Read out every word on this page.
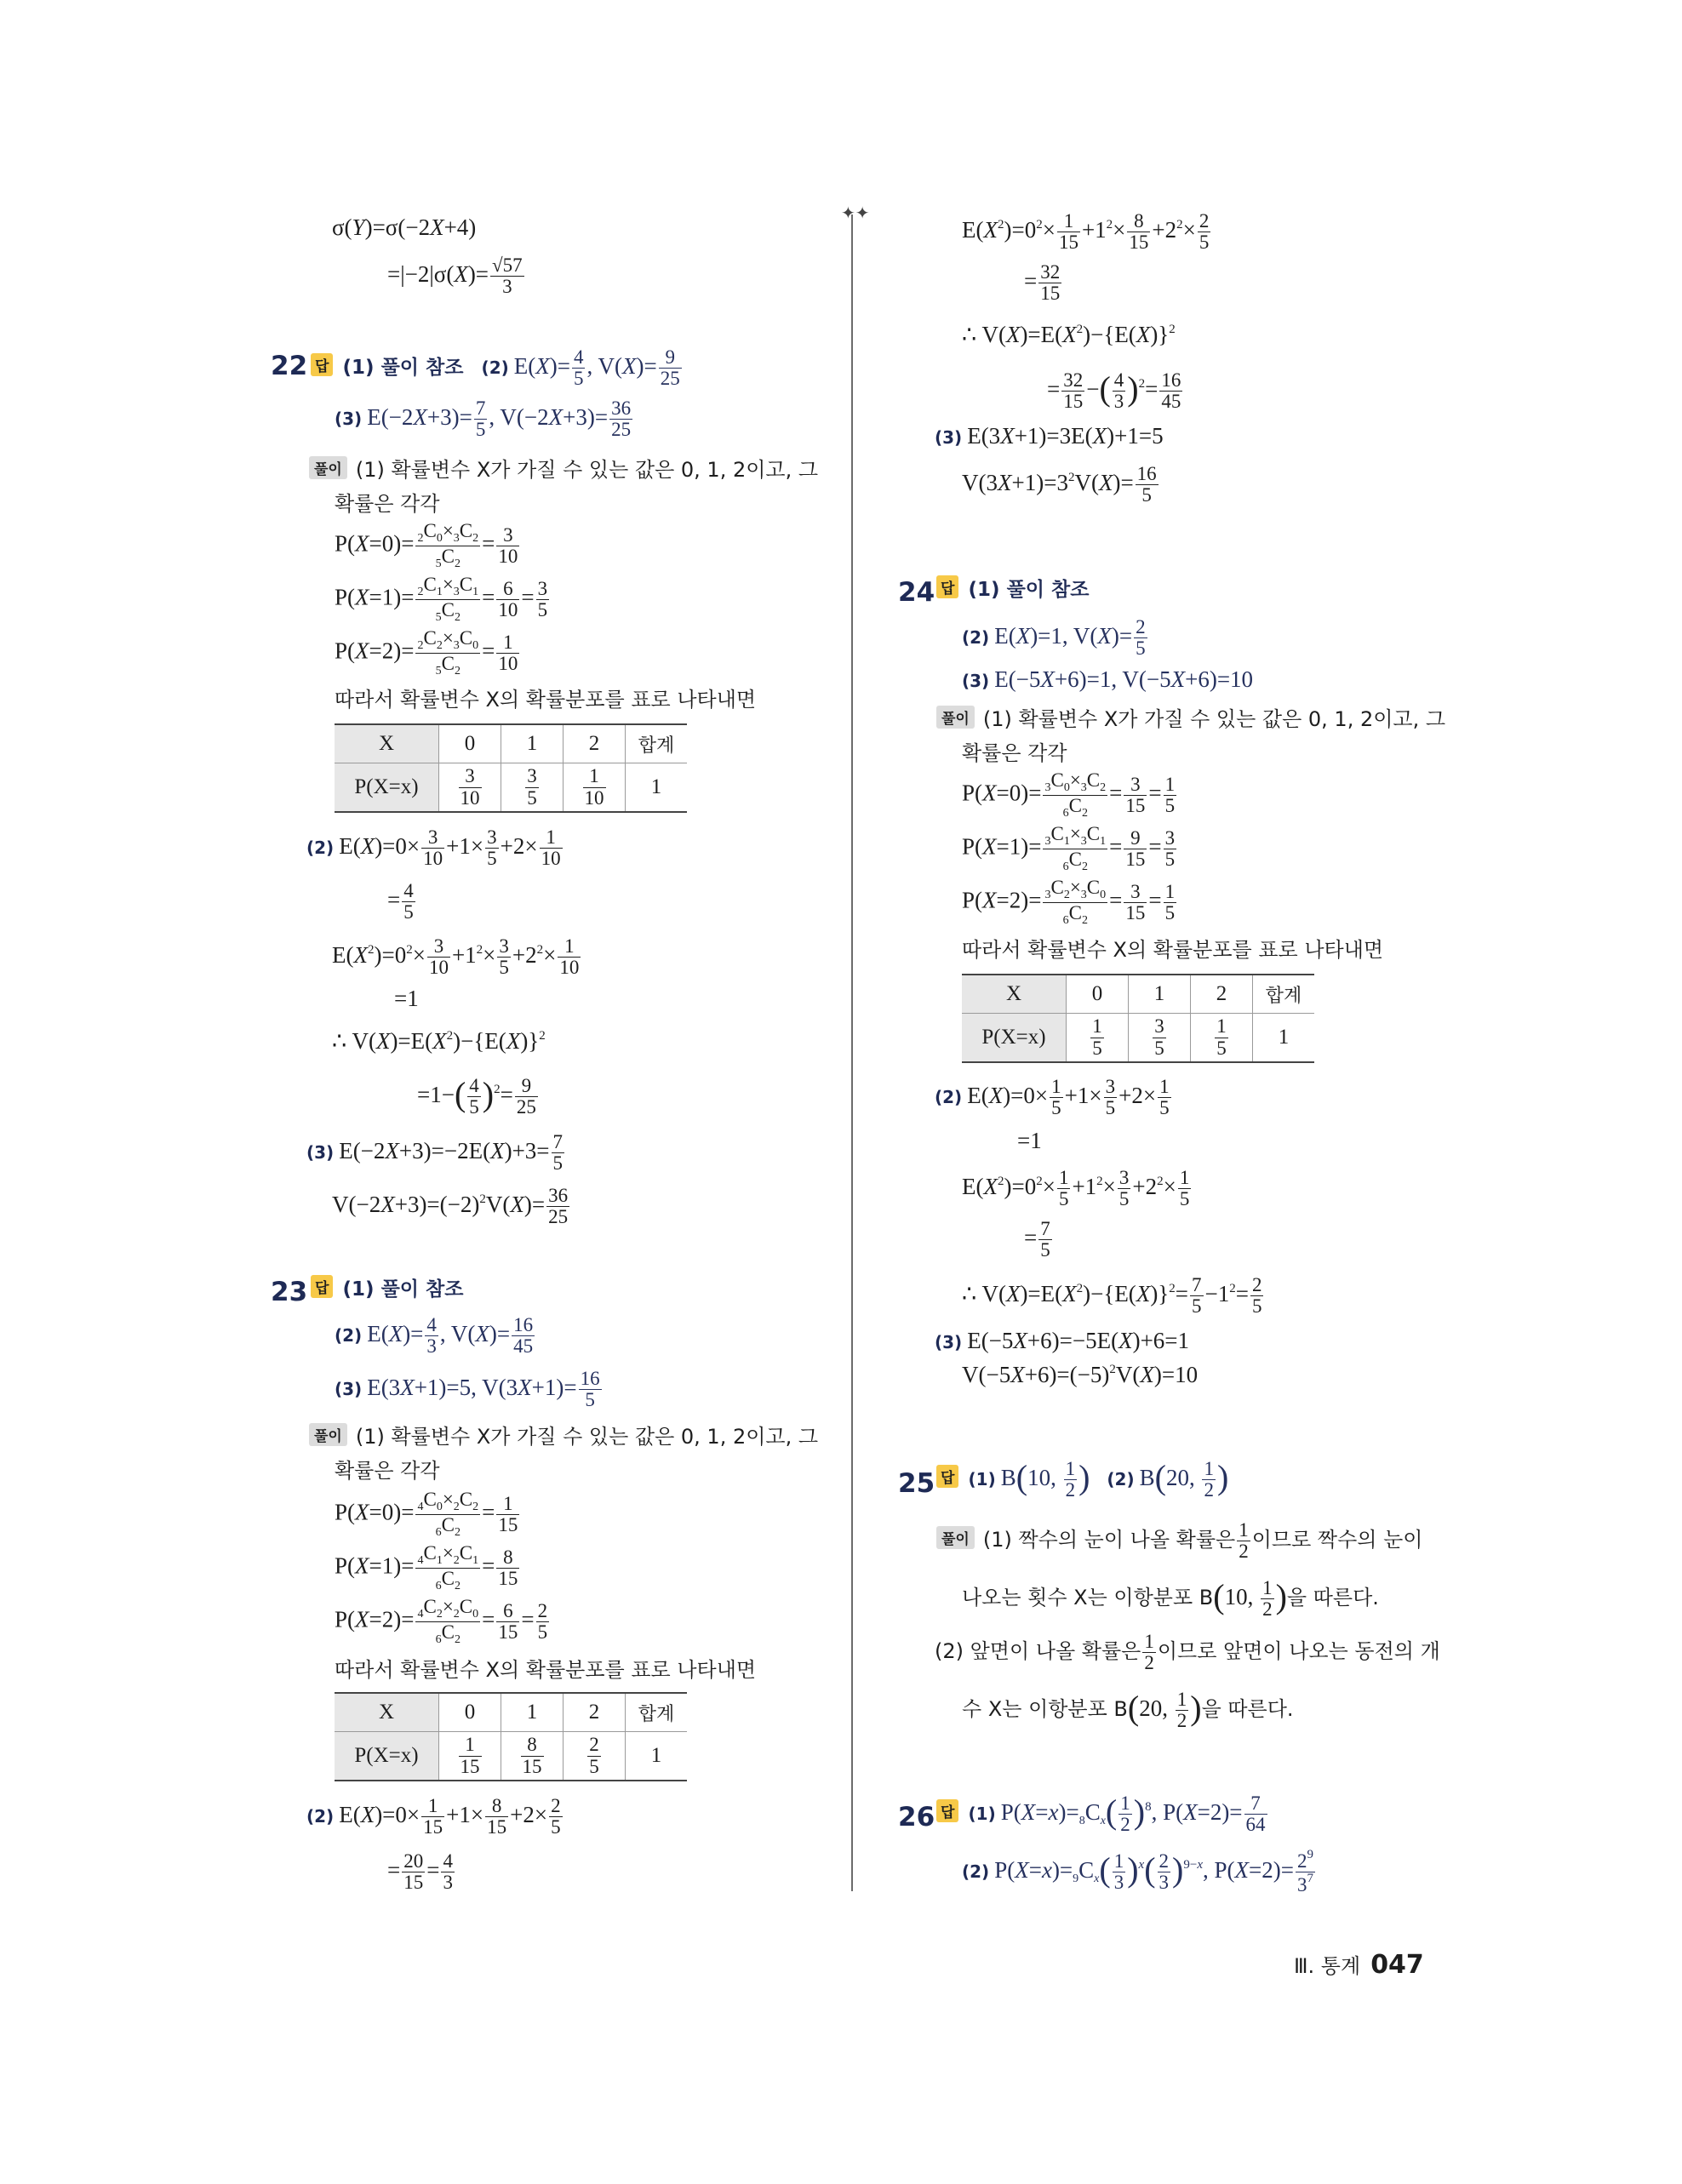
✦✦
σ(Y)=σ(−2X+4)
$=|-2|\sigma(X)= \frac{√57}{3}$
22 답 (1) 풀이 참조 (2) $E(X)= \frac{4}{5}$ , $V(X)= \frac{9}{25}$
(3) $E(-2X+3)= \frac{7}{5}$ , $V(-2X+3)= \frac{36}{25}$
풀이 (1) 확률변수 X가 가질 수 있는 값은 0, 1, 2이고, 그
확률은 각각
$P(X=0)= \frac{_2C_0\times_3C_2}{_5C_2} = \frac{3}{10}$
$P(X=1)= \frac{_2C_1\times_3C_1}{_5C_2} = \frac{6}{10} = \frac{3}{5}$
$P(X=2)= \frac{_2C_2\times_3C_0}{_5C_2} = \frac{1}{10}$
따라서 확률변수 X의 확률분포를 표로 나타내면
X	0	1	2	합계
P(X=x)	$\frac{3}{10}$	$\frac{3}{5}$	$\frac{1}{10}$	1
(2) $E(X)=0\times \frac{3}{10} +1\times \frac{3}{5} +2\times \frac{1}{10}$
= $\frac{4}{5}$
$E(X^2)=0^2\times \frac{3}{10} +1^2\times \frac{3}{5} +2^2\times \frac{1}{10}$
=1
∴ $V(X)=E(X^2)-\{E(X)\}^2$
$=1-( \frac{4}{5} )^2= \frac{9}{25}$
(3) $E(-2X+3)=-2E(X)+3= \frac{7}{5}$
$V(-2X+3)=(-2)^2V(X)= \frac{36}{25}$
23 답 (1) 풀이 참조
(2) $E(X)= \frac{4}{3}$ , $V(X)= \frac{16}{45}$
(3) E(3X+1)=5, $V(3X+1)= \frac{16}{5}$
풀이 (1) 확률변수 X가 가질 수 있는 값은 0, 1, 2이고, 그
확률은 각각
$P(X=0)= \frac{_4C_0\times_2C_2}{_6C_2} = \frac{1}{15}$
$P(X=1)= \frac{_4C_1\times_2C_1}{_6C_2} = \frac{8}{15}$
$P(X=2)= \frac{_4C_2\times_2C_0}{_6C_2} = \frac{6}{15} = \frac{2}{5}$
따라서 확률변수 X의 확률분포를 표로 나타내면
X	0	1	2	합계
P(X=x)	$\frac{1}{15}$	$\frac{8}{15}$	$\frac{2}{5}$	1
(2) $E(X)=0\times \frac{1}{15} +1\times \frac{8}{15} +2\times \frac{2}{5}$
= $\frac{20}{15} = \frac{4}{3}$
$E(X^2)=0^2\times \frac{1}{15} +1^2\times \frac{8}{15} +2^2\times \frac{2}{5}$
= $\frac{32}{15}$
∴ $V(X)=E(X^2)-\{E(X)\}^2$
= $\frac{32}{15}$ −( $\frac{4}{3} )^2= \frac{16}{45}$
(3) E(3X+1)=3E(X)+1=5
$V(3X+1)=3^2V(X)= \frac{16}{5}$
24 답 (1) 풀이 참조
(2) E(X)=1, $V(X)= \frac{2}{5}$
(3) E(−5X+6)=1, V(−5X+6)=10
풀이 (1) 확률변수 X가 가질 수 있는 값은 0, 1, 2이고, 그
확률은 각각
$P(X=0)= \frac{_3C_0\times_3C_2}{_6C_2} = \frac{3}{15} = \frac{1}{5}$
$P(X=1)= \frac{_3C_1\times_3C_1}{_6C_2} = \frac{9}{15} = \frac{3}{5}$
$P(X=2)= \frac{_3C_2\times_3C_0}{_6C_2} = \frac{3}{15} = \frac{1}{5}$
따라서 확률변수 X의 확률분포를 표로 나타내면
X	0	1	2	합계
P(X=x)	$\frac{1}{5}$	$\frac{3}{5}$	$\frac{1}{5}$	1
(2) $E(X)=0\times \frac{1}{5} +1\times \frac{3}{5} +2\times \frac{1}{5}$
=1
$E(X^2)=0^2\times \frac{1}{5} +1^2\times \frac{3}{5} +2^2\times \frac{1}{5}$
= $\frac{7}{5}$
∴ $V(X)=E(X^2)-\{E(X)\}^2= \frac{7}{5} -1^2= \frac{2}{5}$
(3) E(−5X+6)=−5E(X)+6=1
$V(-5X+6)=(-5)^2V(X)=10$
25 답 (1) B(10, $\frac{1}{2}$ ) (2) B(20, $\frac{1}{2}$ )
풀이 (1) 짝수의 눈이 나올 확률은 $\frac{1}{2}$ 이므로 짝수의 눈이
나오는 횟수 X는 이항분포 B(10, $\frac{1}{2}$ )을 따른다.
(2) 앞면이 나올 확률은 $\frac{1}{2}$ 이므로 앞면이 나오는 동전의 개
수 X는 이항분포 B(20, $\frac{1}{2}$ )을 따른다.
26 답 (1) $P(X=x)=8C_x( \frac{1}{2} )^8$, $P(X=2)= \frac{7}{64}$
(2) $P(X=x)=9C_x( \frac{1}{3} )^x( \frac{2}{3} )^{9-x}$, $P(X=2)= \frac{2^9}{3^7}$
Ⅲ. 통계 047
